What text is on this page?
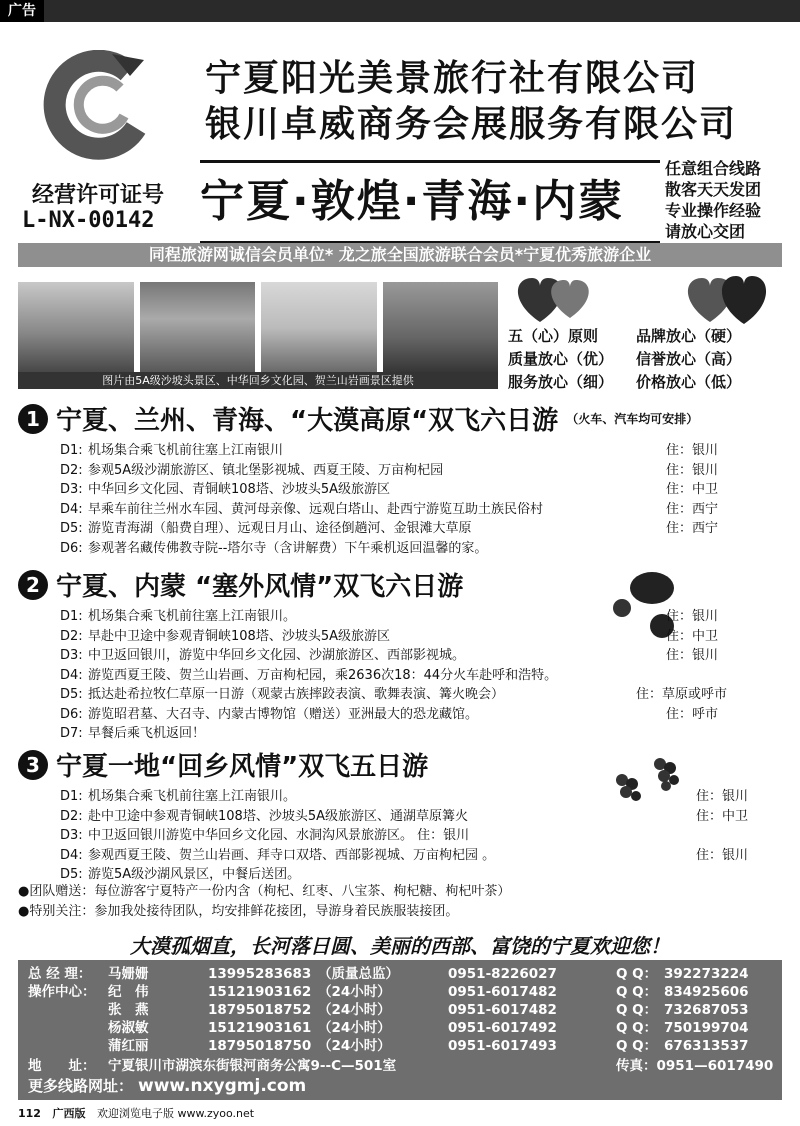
广告
宁夏阳光美景旅行社有限公司
银川卓威商务会展服务有限公司
经营许可证号
L-NX-00142 宁夏·敦煌·青海·内蒙
任意组合线路
散客天天发团
专业操作经验
请放心交团
同程旅游网诚信会员单位* 龙之旅全国旅游联合会员*宁夏优秀旅游企业
图片由5A级沙坡头景区、中华回乡文化园、贺兰山岩画景区提供
五（心）原则	品牌放心（硬）
质量放心（优）	信誉放心（高）
服务放心（细）	价格放心（低）
1 宁夏、兰州、青海、“大漠高原“双飞六日游 （火车、汽车均可安排）
D1: 机场集合乘飞机前往塞上江南银川	住：银川
D2: 参观5A级沙湖旅游区、镇北堡影视城、西夏王陵、万亩枸杞园	住：银川
D3: 中华回乡文化园、青铜峡108塔、沙坡头5A级旅游区	住：中卫
D4: 早乘车前往兰州水车园、黄河母亲像、远观白塔山、赴西宁游览互助土族民俗村	住：西宁
D5: 游览青海湖（船费自理）、远观日月山、途径倒趟河、金银滩大草原	住：西宁
D6: 参观著名藏传佛教寺院--塔尔寺（含讲解费）下午乘机返回温馨的家。
2 宁夏、内蒙 “塞外风情”双飞六日游
D1: 机场集合乘飞机前往塞上江南银川。	住：银川
D2: 早赴中卫途中参观青铜峡108塔、沙坡头5A级旅游区	住：中卫
D3: 中卫返回银川，游览中华回乡文化园、沙湖旅游区、西部影视城。	住：银川
D4: 游览西夏王陵、贺兰山岩画、万亩枸杞园，乘2636次18：44分火车赴呼和浩特。
D5: 抵达赴希拉牧仁草原一日游（观蒙古族摔跤表演、歌舞表演、篝火晚会）	住：草原或呼市
D6: 游览昭君墓、大召寺、内蒙古博物馆（赠送）亚洲最大的恐龙藏馆。	住：呼市
D7: 早餐后乘飞机返回！
3 宁夏一地“回乡风情”双飞五日游
D1: 机场集合乘飞机前往塞上江南银川。	住：银川
D2: 赴中卫途中参观青铜峡108塔、沙坡头5A级旅游区、通湖草原篝火	住：中卫
D3: 中卫返回银川游览中华回乡文化园、水洞沟风景旅游区。 住：银川
D4: 参观西夏王陵、贺兰山岩画、拜寺口双塔、西部影视城、万亩枸杞园 。	住：银川
D5: 游览5A级沙湖风景区，中餐后送团。
●团队赠送：每位游客宁夏特产一份内含（枸杞、红枣、八宝茶、枸杞糖、枸杞叶茶）
●特别关注：参加我处接待团队，均安排鲜花接团，导游身着民族服装接团。
大漠孤烟直，长河落日圆、美丽的西部、富饶的宁夏欢迎您！
总 经 理： 马姗姗	13995283683 （质量总监）	0951-8226027	Q Q： 392273224
操作中心： 纪　伟	15121903162 （24小时）	0951-6017482	Q Q： 834925606
张　燕	18795018752 （24小时）	0951-6017482	Q Q： 732687053
杨淑敏	15121903161 （24小时）	0951-6017492	Q Q： 750199704
蒲红丽	18795018750 （24小时）	0951-6017493	Q Q： 676313537
地　　址： 宁夏银川市湖滨东街银河商务公寓9--C—501室	传真：0951—6017490
更多线路网址： www.nxygmj.com
112 广西版 欢迎浏览电子版 www.zyoo.net
